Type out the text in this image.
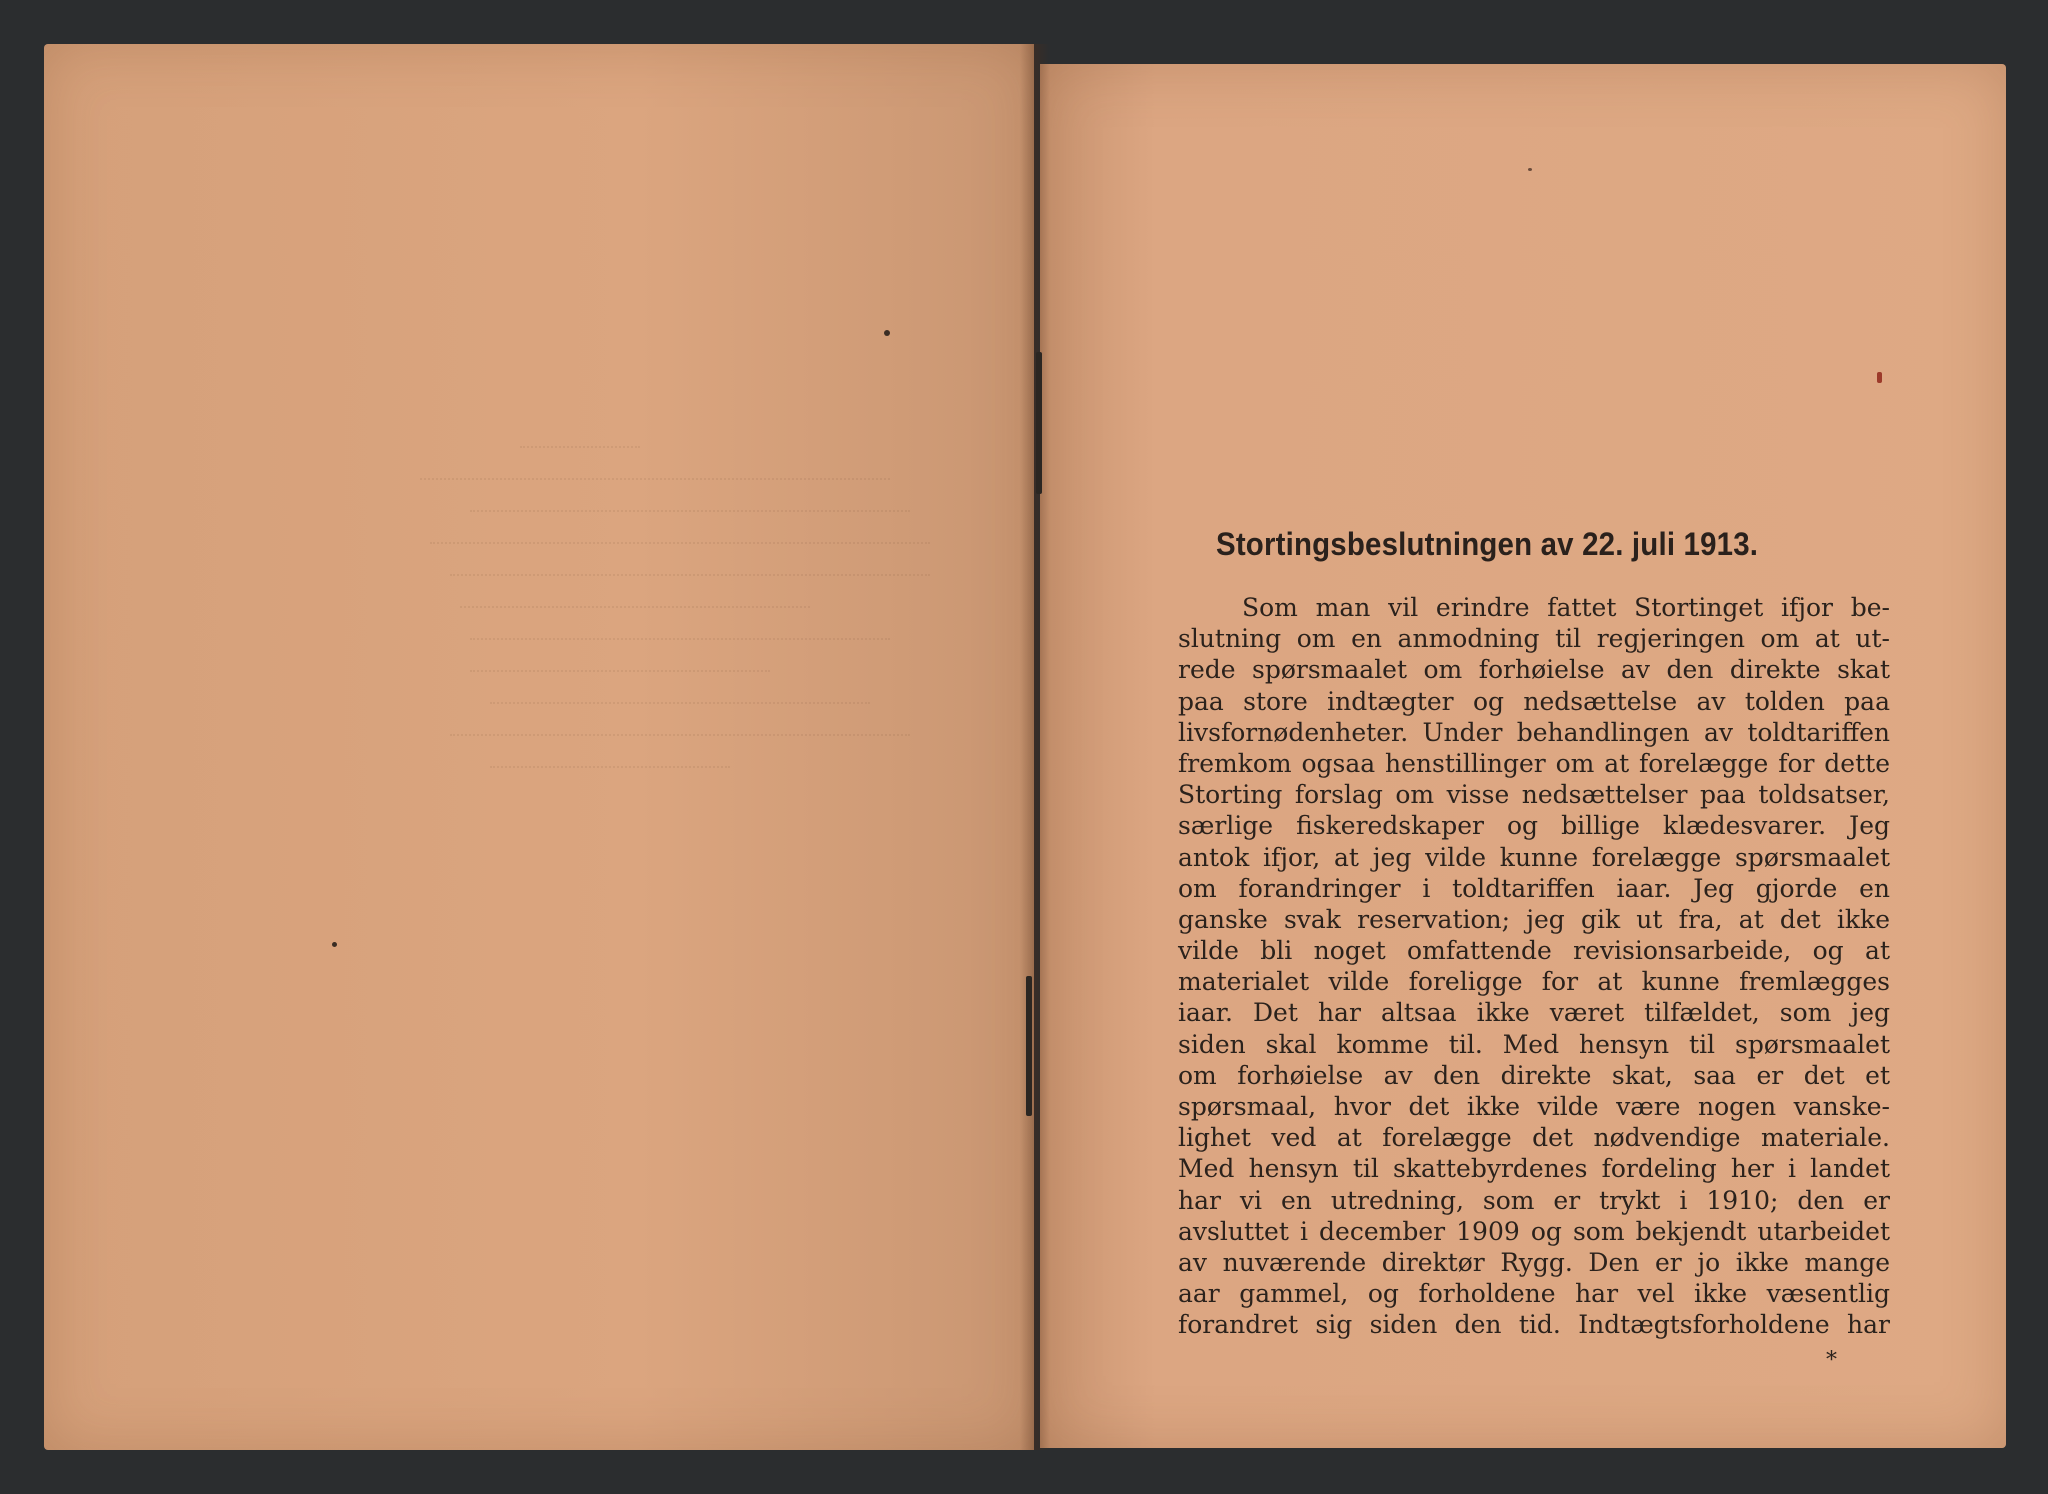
Stortingsbeslutningen av 22. juli 1913.
Som man vil erindre fattet Stortinget ifjor be-
slutning om en anmodning til regjeringen om at ut-
rede spørsmaalet om forhøielse av den direkte skat
paa store indtægter og nedsættelse av tolden paa
livsfornødenheter. Under behandlingen av toldtariffen
fremkom ogsaa henstillinger om at forelægge for dette
Storting forslag om visse nedsættelser paa toldsatser,
særlige fiskeredskaper og billige klædesvarer. Jeg
antok ifjor, at jeg vilde kunne forelægge spørsmaalet
om forandringer i toldtariffen iaar. Jeg gjorde en
ganske svak reservation; jeg gik ut fra, at det ikke
vilde bli noget omfattende revisionsarbeide, og at
materialet vilde foreligge for at kunne fremlægges
iaar. Det har altsaa ikke været tilfældet, som jeg
siden skal komme til. Med hensyn til spørsmaalet
om forhøielse av den direkte skat, saa er det et
spørsmaal, hvor det ikke vilde være nogen vanske-
lighet ved at forelægge det nødvendige materiale.
Med hensyn til skattebyrdenes fordeling her i landet
har vi en utredning, som er trykt i 1910; den er
avsluttet i december 1909 og som bekjendt utarbeidet
av nuværende direktør Rygg. Den er jo ikke mange
aar gammel, og forholdene har vel ikke væsentlig
forandret sig siden den tid. Indtægtsforholdene har
*
